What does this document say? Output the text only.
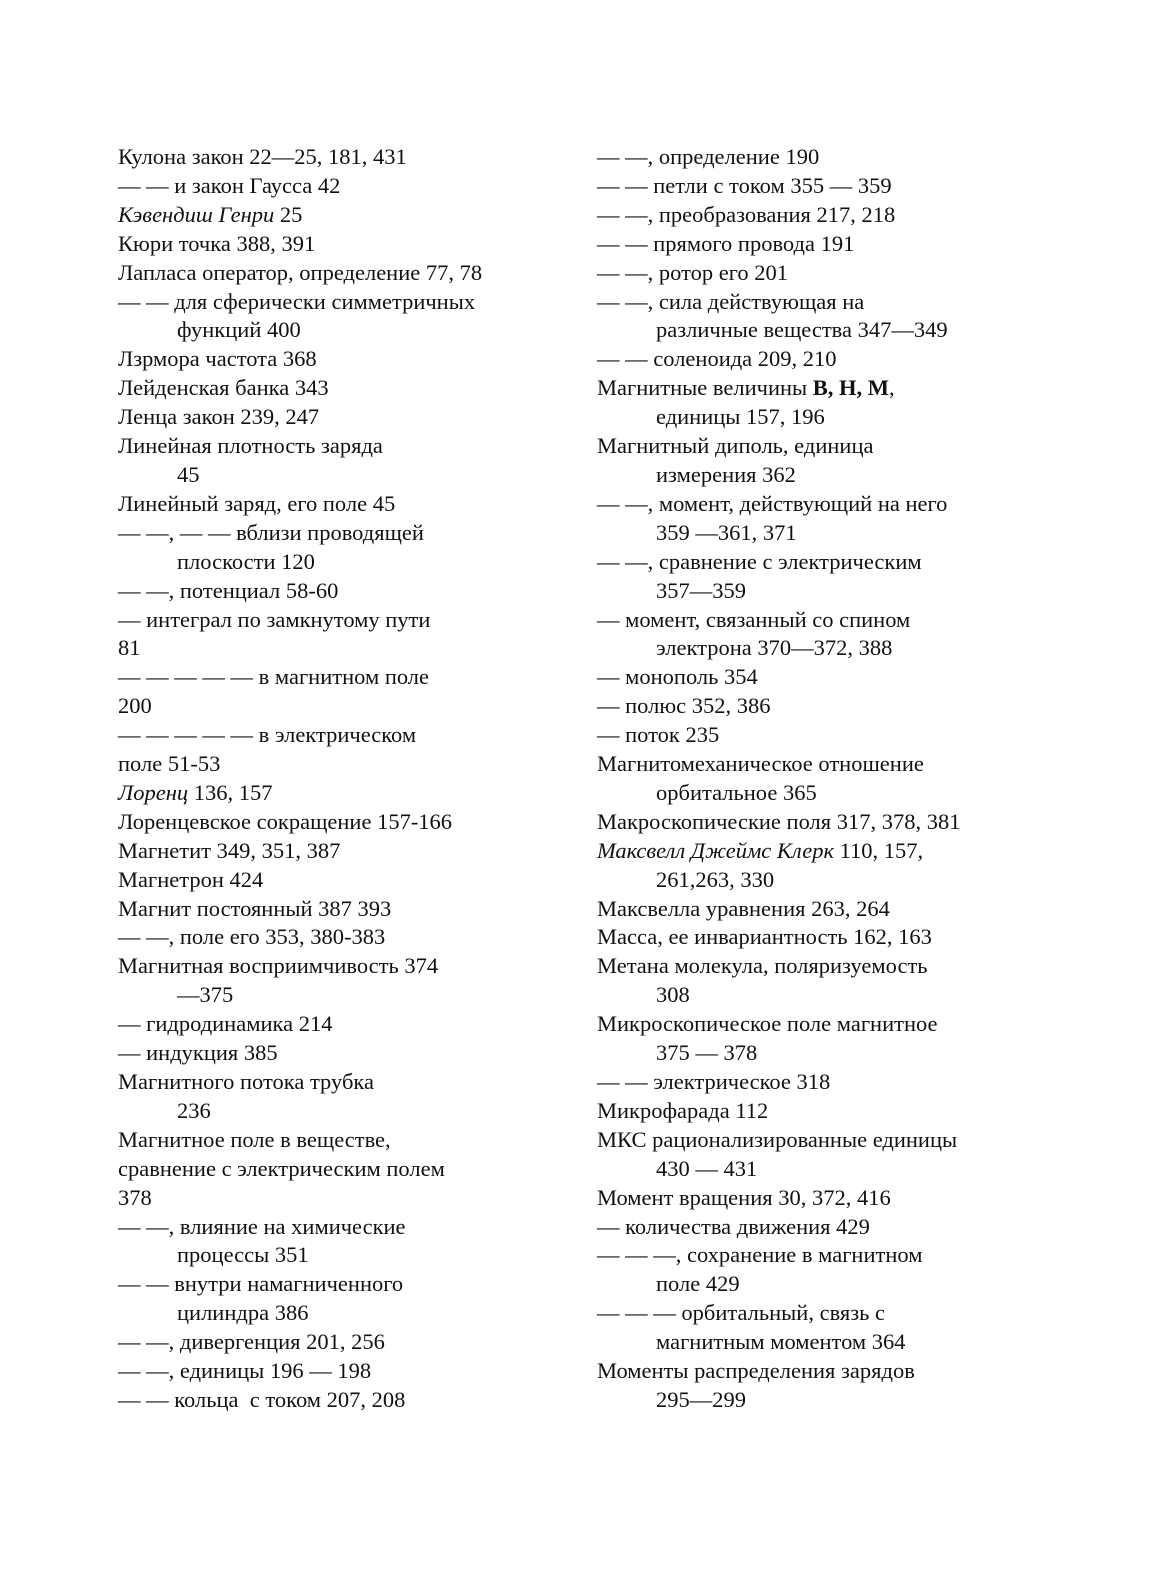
Кулона закон 22—25, 181, 431
— — и закон Гаусса 42
Кэвендиш Генри 25
Кюри точка 388, 391
Лапласа оператор, определение 77, 78
— — для сферически симметричных
функций 400
Лзрмора частота 368
Лейденская банка 343
Ленца закон 239, 247
Линейная плотность заряда
45
Линейный заряд, его поле 45
— —, — — вблизи проводящей
плоскости 120
— —, потенциал 58-60
— интеграл по замкнутому пути
81
— — — — — в магнитном поле
200
— — — — — в электрическом
поле 51-53
Лоренц 136, 157
Лоренцевское сокращение 157-166
Магнетит 349, 351, 387
Магнетрон 424
Магнит постоянный 387 393
— —, поле его 353, 380-383
Магнитная восприимчивость 374
—375
— гидродинамика 214
— индукция 385
Магнитного потока трубка
236
Магнитное поле в веществе,
сравнение с электрическим полем
378
— —, влияние на химические
процессы 351
— — внутри намагниченного
цилиндра 386
— —, дивергенция 201, 256
— —, единицы 196 — 198
— — кольца  с током 207, 208
— —, определение 190
— — петли с током 355 — 359
— —, преобразования 217, 218
— — прямого провода 191
— —, ротор его 201
— —, сила действующая на
различные вещества 347—349
— — соленоида 209, 210
Магнитные величины B, H, M,
единицы 157, 196
Магнитный диполь, единица
измерения 362
— —, момент, действующий на него
359 —361, 371
— —, сравнение с электрическим
357—359
— момент, связанный со спином
электрона 370—372, 388
— монополь 354
— полюс 352, 386
— поток 235
Магнитомеханическое отношение
орбитальное 365
Макроскопические поля 317, 378, 381
Максвелл Джеймс Клерк 110, 157,
261,263, 330
Максвелла уравнения 263, 264
Масса, ее инвариантность 162, 163
Метана молекула, поляризуемость
308
Микроскопическое поле магнитное
375 — 378
— — электрическое 318
Микрофарада 112
МКС рационализированные единицы
430 — 431
Момент вращения 30, 372, 416
— количества движения 429
— — —, сохранение в магнитном
поле 429
— — — орбитальный, связь с
магнитным моментом 364
Моменты распределения зарядов
295—299
